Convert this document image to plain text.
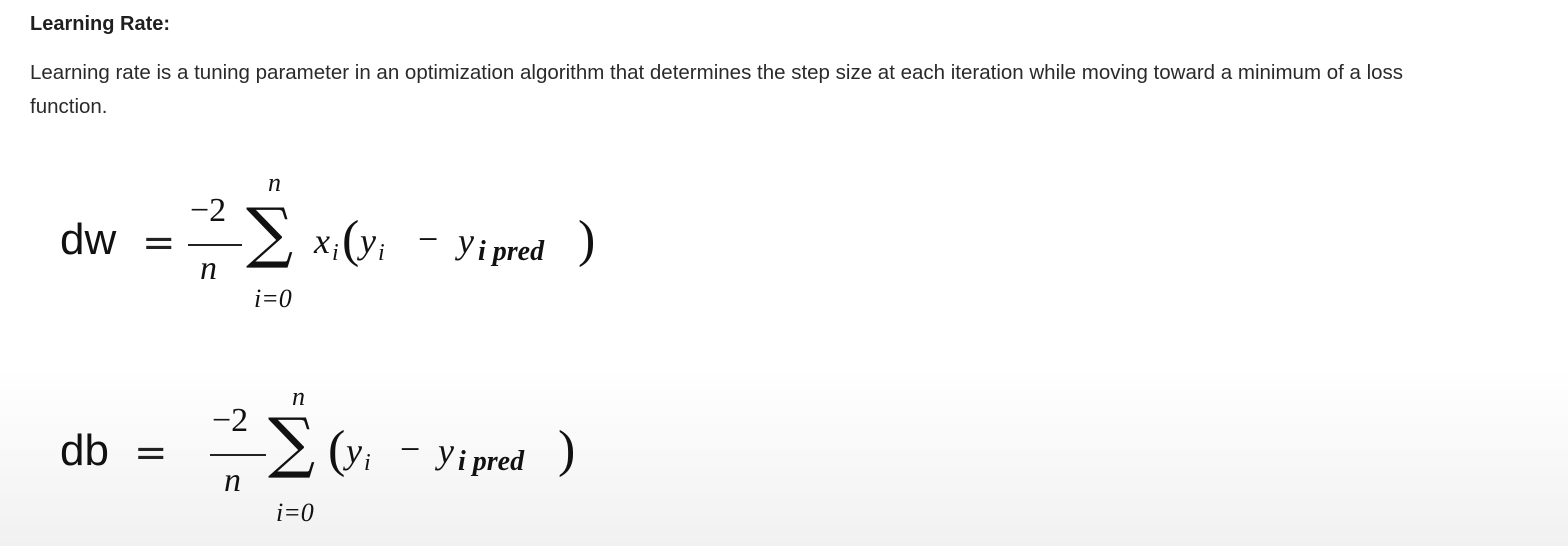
Learning Rate:

Learning rate is a tuning parameter in an optimization algorithm that determines the step size at each iteration while moving toward a minimum of a loss function.

dw =
−2
n
n
∑
i=0
x i ( y i − y i pred )
db =
−2
n
n
∑
i=0
( y i − y i pred )
